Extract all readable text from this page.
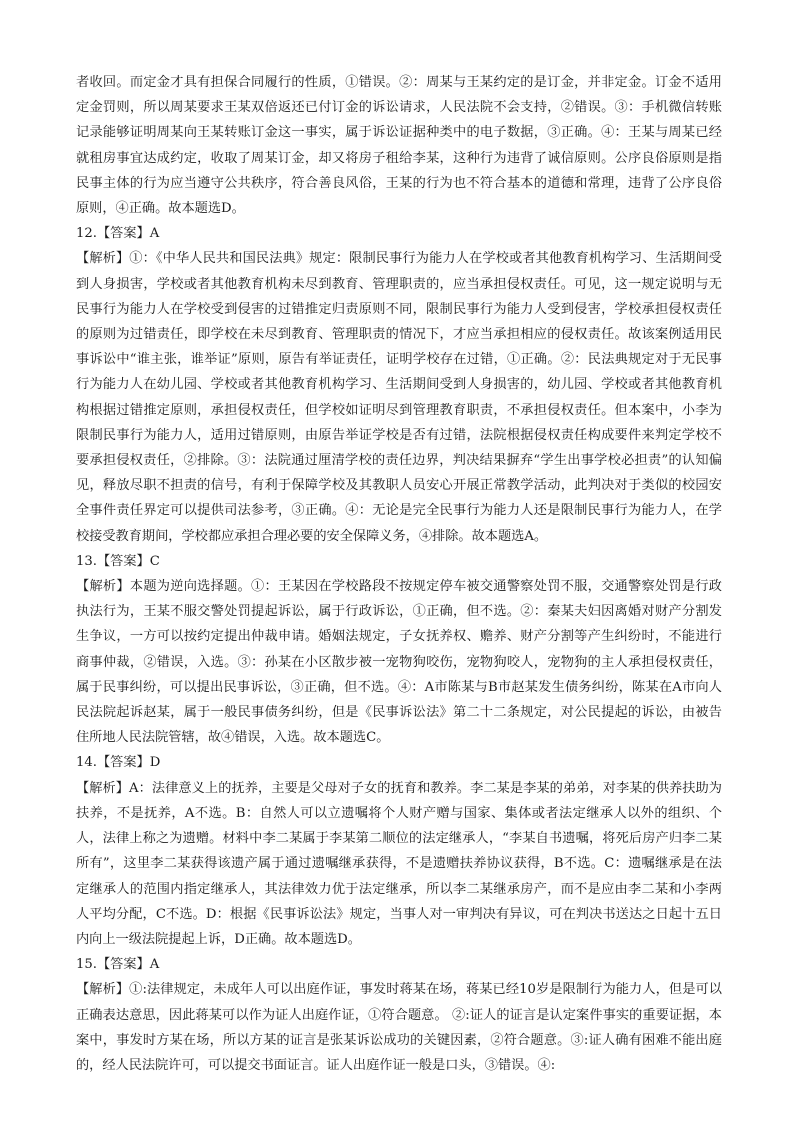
者收回。而定金才具有担保合同履行的性质，①错误。②：周某与王某约定的是订金，并非定金。订金不适用定金罚则，所以周某要求王某双倍返还已付订金的诉讼请求，人民法院不会支持，②错误。③：手机微信转账记录能够证明周某向王某转账订金这一事实，属于诉讼证据种类中的电子数据，③正确。④：王某与周某已经就租房事宜达成约定，收取了周某订金，却又将房子租给李某，这种行为违背了诚信原则。公序良俗原则是指民事主体的行为应当遵守公共秩序，符合善良风俗，王某的行为也不符合基本的道德和常理，违背了公序良俗原则，④正确。故本题选D。

12.【答案】A

【解析】①：《中华人民共和国民法典》规定：限制民事行为能力人在学校或者其他教育机构学习、生活期间受到人身损害，学校或者其他教育机构未尽到教育、管理职责的，应当承担侵权责任。可见，这一规定说明与无民事行为能力人在学校受到侵害的过错推定归责原则不同，限制民事行为能力人受到侵害，学校承担侵权责任的原则为过错责任，即学校在未尽到教育、管理职责的情况下，才应当承担相应的侵权责任。故该案例适用民事诉讼中“谁主张，谁举证”原则，原告有举证责任，证明学校存在过错，①正确。②：民法典规定对于无民事行为能力人在幼儿园、学校或者其他教育机构学习、生活期间受到人身损害的，幼儿园、学校或者其他教育机构根据过错推定原则，承担侵权责任，但学校如证明尽到管理教育职责，不承担侵权责任。但本案中，小李为限制民事行为能力人，适用过错原则，由原告举证学校是否有过错，法院根据侵权责任构成要件来判定学校不要承担侵权责任，②排除。③：法院通过厘清学校的责任边界，判决结果摒弃“学生出事学校必担责”的认知偏见，释放尽职不担责的信号，有利于保障学校及其教职人员安心开展正常教学活动，此判决对于类似的校园安全事件责任界定可以提供司法参考，③正确。④：无论是完全民事行为能力人还是限制民事行为能力人，在学校接受教育期间，学校都应承担合理必要的安全保障义务，④排除。故本题选A。

13.【答案】C

【解析】本题为逆向选择题。①：王某因在学校路段不按规定停车被交通警察处罚不服，交通警察处罚是行政执法行为，王某不服交警处罚提起诉讼，属于行政诉讼，①正确，但不选。②：秦某夫妇因离婚对财产分割发生争议，一方可以按约定提出仲裁申请。婚姻法规定，子女抚养权、赡养、财产分割等产生纠纷时，不能进行商事仲裁，②错误，入选。③：孙某在小区散步被一宠物狗咬伤，宠物狗咬人，宠物狗的主人承担侵权责任，属于民事纠纷，可以提出民事诉讼，③正确，但不选。④：A市陈某与B市赵某发生债务纠纷，陈某在A市向人民法院起诉赵某，属于一般民事债务纠纷，但是《民事诉讼法》第二十二条规定，对公民提起的诉讼，由被告住所地人民法院管辖，故④错误，入选。故本题选C。

14.【答案】D

【解析】A：法律意义上的抚养，主要是父母对子女的抚育和教养。李二某是李某的弟弟，对李某的供养扶助为扶养，不是抚养，A不选。B：自然人可以立遗嘱将个人财产赠与国家、集体或者法定继承人以外的组织、个人，法律上称之为遗赠。材料中李二某属于李某第二顺位的法定继承人，“李某自书遗嘱，将死后房产归李二某所有”，这里李二某获得该遗产属于通过遗嘱继承获得，不是遗赠扶养协议获得，B不选。C：遗嘱继承是在法定继承人的范围内指定继承人，其法律效力优于法定继承，所以李二某继承房产，而不是应由李二某和小李两人平均分配，C不选。D：根据《民事诉讼法》规定，当事人对一审判决有异议，可在判决书送达之日起十五日内向上一级法院提起上诉，D正确。故本题选D。

15.【答案】A

【解析】①:法律规定，未成年人可以出庭作证，事发时蒋某在场，蒋某已经10岁是限制行为能力人，但是可以正确表达意思，因此蒋某可以作为证人出庭作证，①符合题意。 ②:证人的证言是认定案件事实的重要证据，本案中，事发时方某在场，所以方某的证言是张某诉讼成功的关键因素，②符合题意。③:证人确有困难不能出庭的，经人民法院许可，可以提交书面证言。证人出庭作证一般是口头，③错误。④:
